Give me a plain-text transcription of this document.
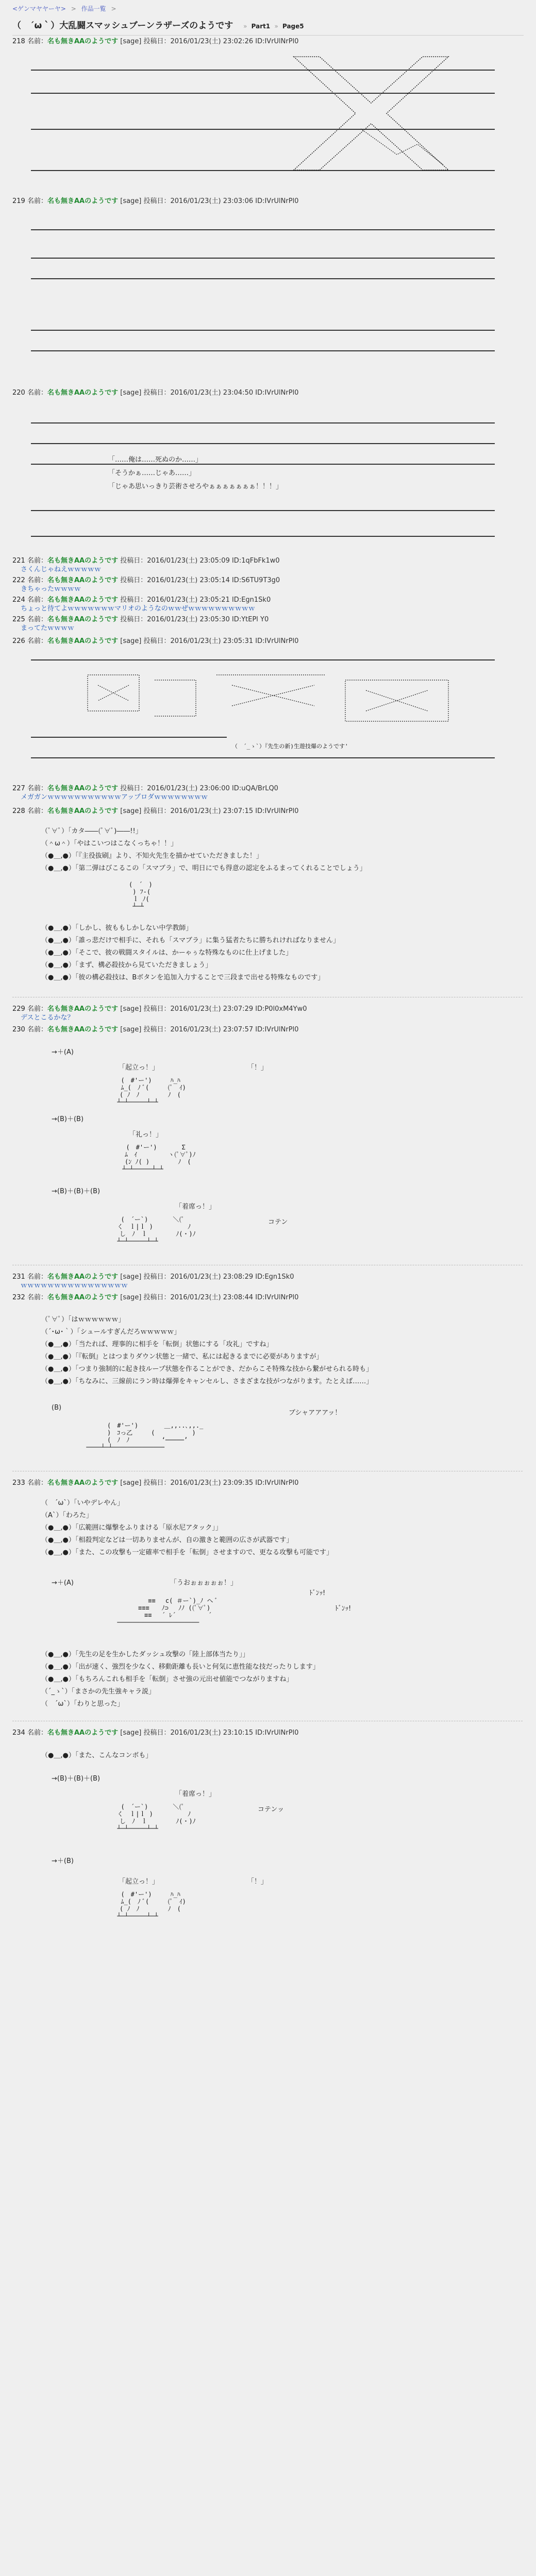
<ゲンマヤヤーヤ> > 作品一覧 >
（　´ω｀）大乱闘スマッシュブーンラザーズのようです » Part1 » Page5
218 名前：名も無きAAのようです [sage] 投稿日：2016/01/23(土) 23:02:26 ID:IVrUlNrPl0
219 名前：名も無きAAのようです [sage] 投稿日：2016/01/23(土) 23:03:06 ID:IVrUlNrPl0
220 名前：名も無きAAのようです [sage] 投稿日：2016/01/23(土) 23:04:50 ID:IVrUlNrPl0
「……俺は……死ぬのか……」
「そうかぁ……じゃあ……」
「じゃあ思いっきり芸術させろやぁぁぁぁぁぁぁ！！！」
221 名前：名も無きAAのようです 投稿日：2016/01/23(土) 23:05:09 ID:1qFbFk1w0
さくんじゃねえｗｗｗｗｗ
222 名前：名も無きAAのようです 投稿日：2016/01/23(土) 23:05:14 ID:S6TU9T3g0
きちゃったｗｗｗｗ
224 名前：名も無きAAのようです 投稿日：2016/01/23(土) 23:05:21 ID:Egn1Sk0
ちょっと待てよｗｗｗｗｗｗｗマリオのようなのｗｗぜｗｗｗｗｗｗｗｗｗｗ
225 名前：名も無きAAのようです 投稿日：2016/01/23(土) 23:05:30 ID:YtEPl Y0
まってたｗｗｗｗ
226 名前：名も無きAAのようです [sage] 投稿日：2016/01/23(土) 23:05:31 ID:IVrUlNrPl0
（　´_ゝ`）『先生の新)生遊技爆のようです'
227 名前：名も無きAAのようです 投稿日：2016/01/23(土) 23:06:00 ID:uQA/BrLQ0
メガガンｗｗｗｗｗｗｗｗｗｗｗアップロダｗｗｗｗｗｗｗｗ
228 名前：名も無きAAのようです [sage] 投稿日：2016/01/23(土) 23:07:15 ID:IVrUlNrPl0
（ﾟ∀ﾟ）「カタ――(ﾟ∀ﾟ)――!!」
（＾ω＾）「やはこいつはこなくっちゃ！！」
（●＿,●）「『主役抜刷』より、不知火先生を描かせていただきました！」
（●＿,●）「第二弾はびこるこの「スマブラ」で、明日にでも得意の認定をふるまってくれることでしょう」
(　´　)
) ﾌ-(
ｌ ﾉ(
┴─┴
（●＿,●）「しかし、彼ももしかしない中学教師」
（●＿,●）「誰っ悲だけで相手に、それも「スマブラ」に集う猛者たちに勝ちれければなりません」
（●＿,●）「そこで、彼の戦闘スタイルは、かーゃぅな特殊なものに仕上げました」
（●＿,●）「まず、構必殺技から見ていただきましょう」
（●＿,●）「彼の構必殺技は、Bボタンを追加入力することで三段まで出せる特殊なものです」
229 名前：名も無きAAのようです [sage] 投稿日：2016/01/23(土) 23:07:29 ID:P0l0xM4Yw0
デスとこるかな？
230 名前：名も無きAAのようです [sage] 投稿日：2016/01/23(土) 23:07:57 ID:IVrUlNrPl0
→＋(A)
「起立っ！」	「！」
(　#'ー')　　　ﾊ_ﾊ
ﾑ_(　ﾉ ﾞ(　　　(ﾟ　ｲ)
　( ﾉ　ﾉ　　　　 ﾉ　(
┴─┴─────┴─┴
→(B)＋(B)
「礼っ！」
(　#'ー')　　　　Σ
　ﾑ　ｲ　　　　　ヽ(ﾟ∀ﾟ)ﾉ
　(ﾝ ﾉ( )　　　　 ﾉ　(
┴─┴─────┴─┴
→(B)＋(B)＋(B)
「着席っ！」
コテン
(　´ー`)　　　　＼(ﾟ
く　ｌ|ｌ )　　　　　 ﾉ
　し　ﾉ　ｌ　　　　 ﾉ(・)ﾉ
┴─┴─────┴─┴
231 名前：名も無きAAのようです [sage] 投稿日：2016/01/23(土) 23:08:29 ID:Egn1Sk0
ｗｗｗｗｗｗｗｗｗｗｗｗｗｗｗｗ
232 名前：名も無きAAのようです [sage] 投稿日：2016/01/23(土) 23:08:44 ID:IVrUlNrPl0
（ﾟ∀ﾟ）「はｗｗｗｗｗｗ」
（´･ω･｀）「シュールすぎんだろｗｗｗｗｗ」
（●＿,●）「当たれば、理事的に相手を「転倒」状態にする「攻礼」ですね」
（●＿,●）「『転倒』とはつまりダウン状態と一緒で、私には起きるまでに必要がありますが」
（●＿,●）「つまり強制的に起き技ループ状態を作ることができ、だからこそ特殊な技から繋がせられる時も」
（●＿,●）「ちなみに、三線前にラン時は爆弾をキャンセルし、さまざまな技がつながります。たとえば……」
(B)
ブシャアアアッ！
　　　　(　#'ー')　　　  ＿,,..､,,._
　　　　)　ｺっ乙　　　(　　　　　　)
　　　　(　ﾉ　ﾉ　　　　  ‘─────’
────┴─┴──────────────
233 名前：名も無きAAのようです [sage] 投稿日：2016/01/23(土) 23:09:35 ID:IVrUlNrPl0
（　´ω`）「いやデレやん」
（A`）「わろた」
（●＿,●）「広範囲に爆撃をふりまける「原水尼アタック」」
（●＿,●）「相殺判定などは一切ありませんが、自の激きと範囲の広さが武器です」
（●＿,●）「また、この攻撃も一定確率で相手を「転倒」させますので、更なる攻撃も可能です」
→＋(A)	「うおぉぉぉぉぉ！」
ﾄﾞﾝｯ!
ﾄﾞﾝｯ!
　　　　　 ≡≡　 c( ＃ー`)_ﾉ ヘ ﾞ
　　　　≡≡≡　　ﾉ⊃ 　ﾉﾉ ((ﾟ∀ﾟ)
　　　　　≡≡　 ´ ﾚ´　　　 　 ´
──────────────────────
（●＿,●）「先生の足を生かしたダッシュ攻撃の「陸上部体当たり」」
（●＿,●）「出が速く、強烈を少なく、移動距離も長いと何気に恵性能な技だったりします」
（●＿,●）「もちろんこれも相手を「転倒」させ強の元出せ値能でつながりますね」
（´_ゝ`）「まさかの先生強キャラ説」
（　´ω`）「わりと思った」
234 名前：名も無きAAのようです [sage] 投稿日：2016/01/23(土) 23:10:15 ID:IVrUlNrPl0
（●＿,●）「また、こんなコンボも」
→(B)＋(B)＋(B)
「着席っ！」
コテンッ
(　´ー`)　　　　＼(ﾟ
く　ｌ|ｌ )　　　　　 ﾉ
　し　ﾉ　ｌ　　　　 ﾉ(・)ﾉ
┴─┴─────┴─┴
→＋(B)
「起立っ！」	「！」
(　#'ー')　　　ﾊ_ﾊ
ﾑ_(　ﾉ ﾞ(　　　(ﾟ　ｲ)
　( ﾉ　ﾉ　　　　 ﾉ　(
┴─┴─────┴─┴
